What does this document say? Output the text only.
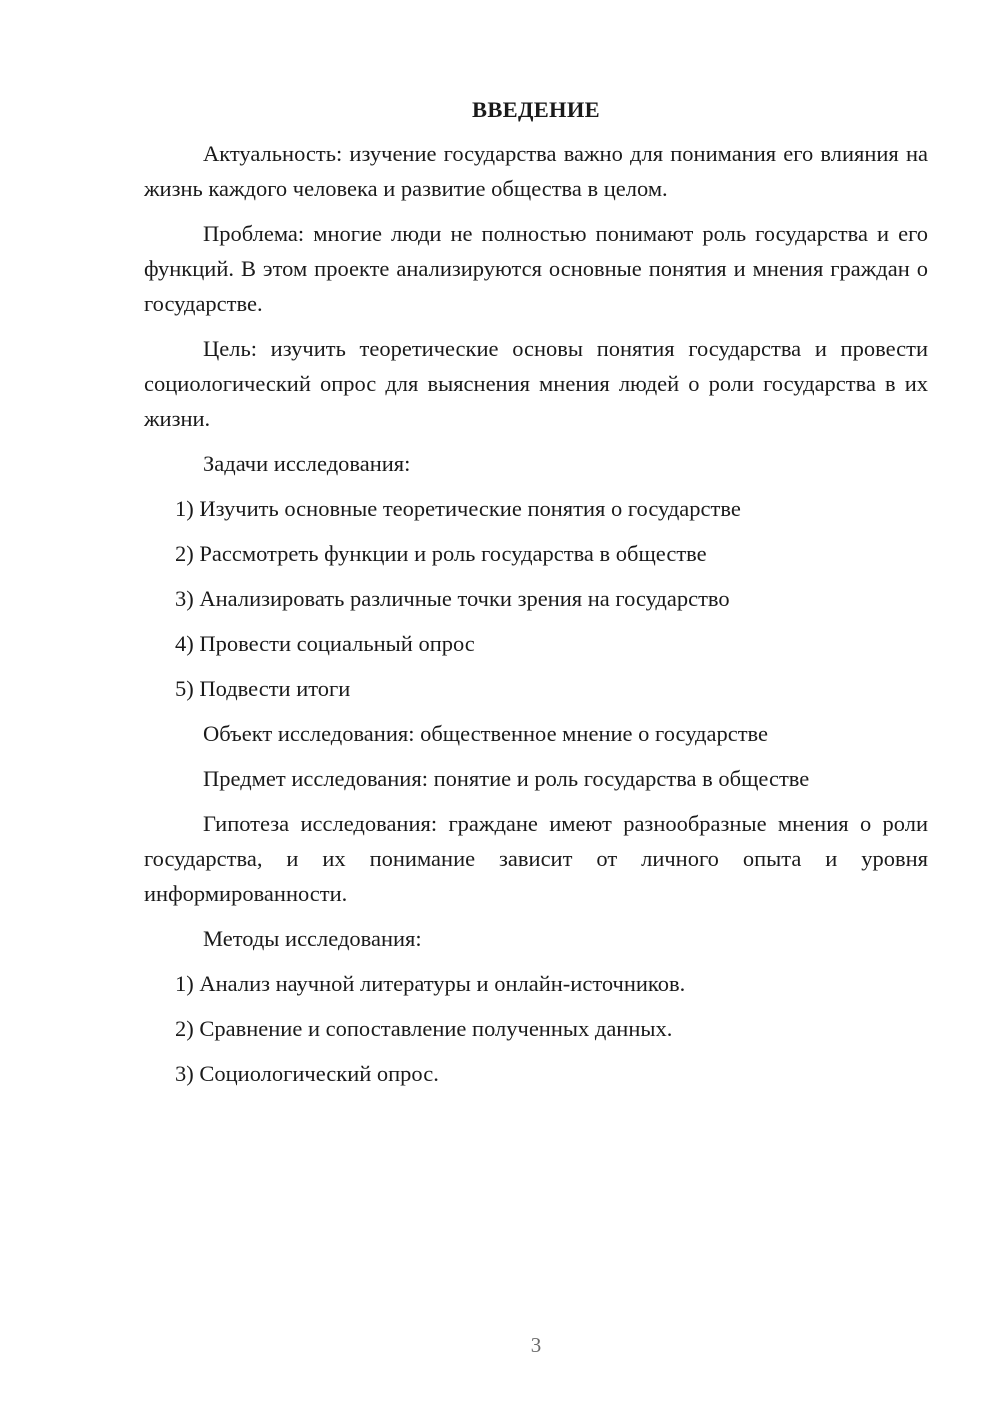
ВВЕДЕНИЕ
Актуальность: изучение государства важно для понимания его влияния на жизнь каждого человека и развитие общества в целом.
Проблема: многие люди не полностью понимают роль государства и его функций. В этом проекте анализируются основные понятия и мнения граждан о государстве.
Цель: изучить теоретические основы понятия государства и провести социологический опрос для выяснения мнения людей о роли государства в их жизни.
Задачи исследования:
1) Изучить основные теоретические понятия о государстве
2) Рассмотреть функции и роль государства в обществе
3) Анализировать различные точки зрения на государство
4) Провести социальный опрос
5) Подвести итоги
Объект исследования: общественное мнение о государстве
Предмет исследования: понятие и роль государства в обществе
Гипотеза исследования: граждане имеют разнообразные мнения о роли государства, и их понимание зависит от личного опыта и уровня информированности.
Методы исследования:
1) Анализ научной литературы и онлайн-источников.
2) Сравнение и сопоставление полученных данных.
3) Социологический опрос.
3
